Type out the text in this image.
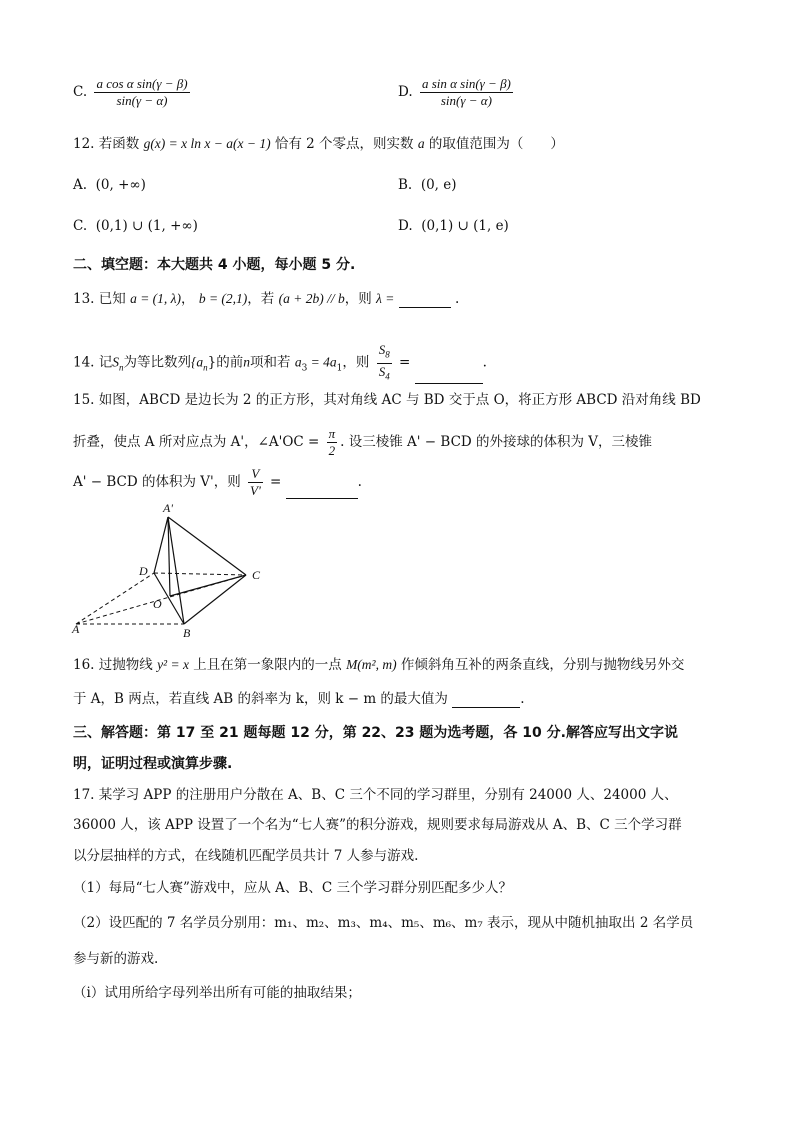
C. $\frac{\text{a cos α sin(γ − β)}}{\sin(\gamma - \alpha)}$	D. $\frac{\text{a sin α sin(γ − β)}}{\sin(\gamma - \alpha)}$
12. 若函数 g(x) = x ln x − a(x − 1) 恰有 2 个零点，则实数 a 的取值范围为（　　）
A. (0, +∞)	B. (0, e)
C. (0,1) ∪ (1, +∞)	D. (0,1) ∪ (1, e)
二、填空题：本大题共 4 小题，每小题 5 分.
13. 已知 a = (1, λ)， b = (2,1)，若 (a + 2b) // b，则 λ =	.
14. 记$S_n$为等比数列$\{a_n\}$的前n项和若 $a_3 = 4a_1$，则 $\frac{S_8}{S_4}$ =	.
15. 如图，ABCD 是边长为 2 的正方形，其对角线 AC 与 BD 交于点 O，将正方形 ABCD 沿对角线 BD
折叠，使点 A 所对应点为 A'，∠A'OC = $\frac{\pi}{2}$ . 设三棱锥 A' − BCD 的外接球的体积为 V，三棱锥
A' − BCD 的体积为 V'，则 $\frac{V}{V'}$ =	.
A'
D	C
O
A	B
16. 过抛物线 y² = x 上且在第一象限内的一点 M(m², m) 作倾斜角互补的两条直线，分别与抛物线另外交
于 A，B 两点，若直线 AB 的斜率为 k，则 k − m 的最大值为	.
三、解答题：第 17 至 21 题每题 12 分，第 22、23 题为选考题，各 10 分.解答应写出文字说
明，证明过程或演算步骤.
17. 某学习 APP 的注册用户分散在 A、B、C 三个不同的学习群里，分别有 24000 人、24000 人、
36000 人，该 APP 设置了一个名为“七人赛”的积分游戏，规则要求每局游戏从 A、B、C 三个学习群
以分层抽样的方式，在线随机匹配学员共计 7 人参与游戏.
（1）每局“七人赛”游戏中，应从 A、B、C 三个学习群分别匹配多少人？
（2）设匹配的 7 名学员分别用：m₁、m₂、m₃、m₄、m₅、m₆、m₇ 表示，现从中随机抽取出 2 名学员
参与新的游戏.
（ⅰ）试用所给字母列举出所有可能的抽取结果；
